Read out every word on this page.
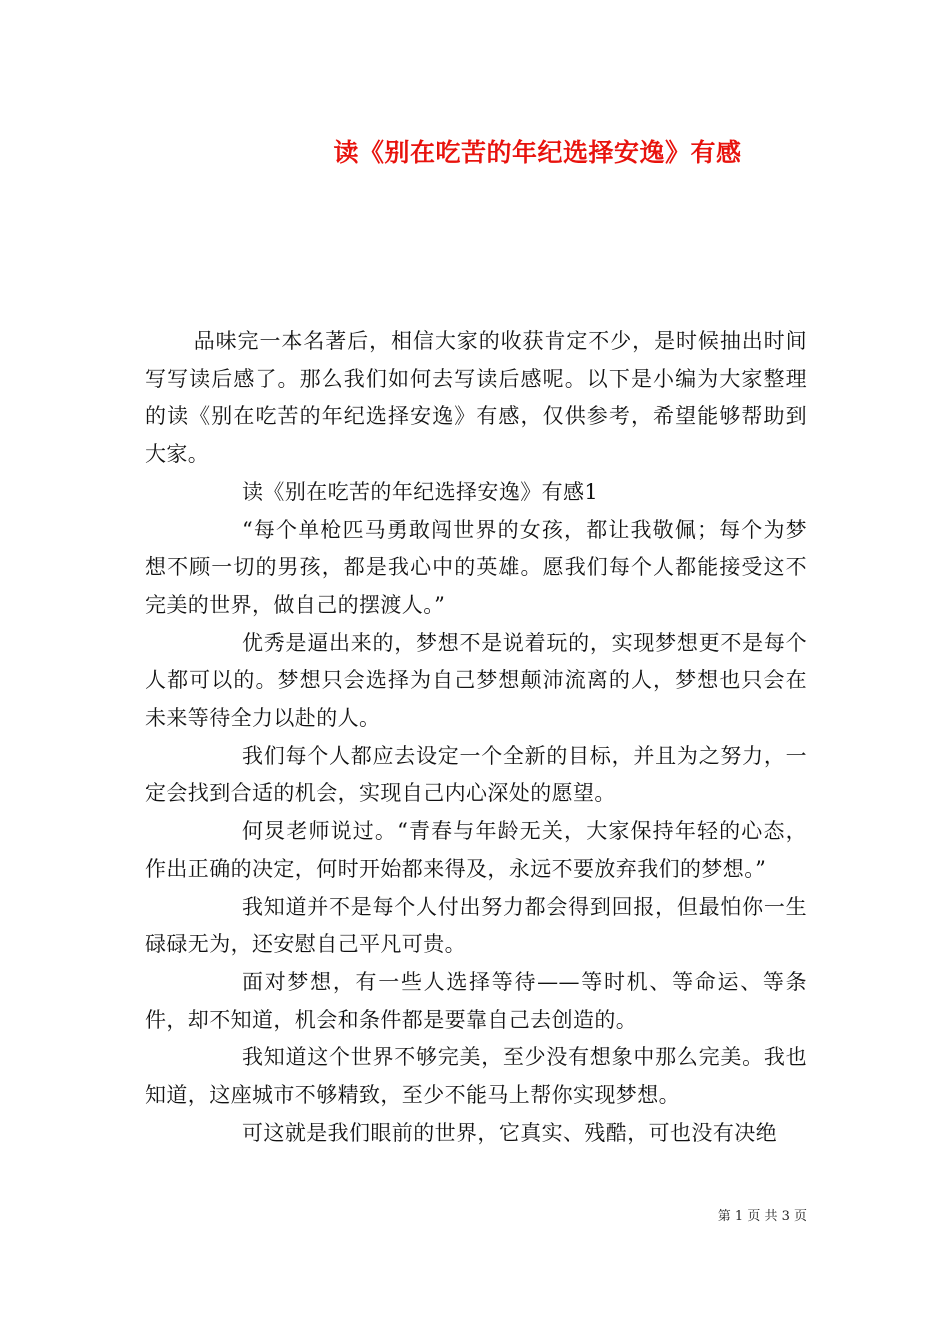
读《别在吃苦的年纪选择安逸》有感

品味完一本名著后，相信大家的收获肯定不少，是时候抽出时间写写读后感了。那么我们如何去写读后感呢。以下是小编为大家整理的读《别在吃苦的年纪选择安逸》有感，仅供参考，希望能够帮助到大家。

读《别在吃苦的年纪选择安逸》有感1

“每个单枪匹马勇敢闯世界的女孩，都让我敬佩；每个为梦想不顾一切的男孩，都是我心中的英雄。愿我们每个人都能接受这不完美的世界，做自己的摆渡人。”

优秀是逼出来的，梦想不是说着玩的，实现梦想更不是每个人都可以的。梦想只会选择为自己梦想颠沛流离的人，梦想也只会在未来等待全力以赴的人。

我们每个人都应去设定一个全新的目标，并且为之努力，一定会找到合适的机会，实现自己内心深处的愿望。

何炅老师说过。“青春与年龄无关，大家保持年轻的心态，作出正确的决定，何时开始都来得及，永远不要放弃我们的梦想。”

我知道并不是每个人付出努力都会得到回报，但最怕你一生碌碌无为，还安慰自己平凡可贵。

面对梦想，有一些人选择等待——等时机、等命运、等条件，却不知道，机会和条件都是要靠自己去创造的。

我知道这个世界不够完美，至少没有想象中那么完美。我也知道，这座城市不够精致，至少不能马上帮你实现梦想。

可这就是我们眼前的世界，它真实、残酷，可也没有决绝

第 1 页 共 3 页
